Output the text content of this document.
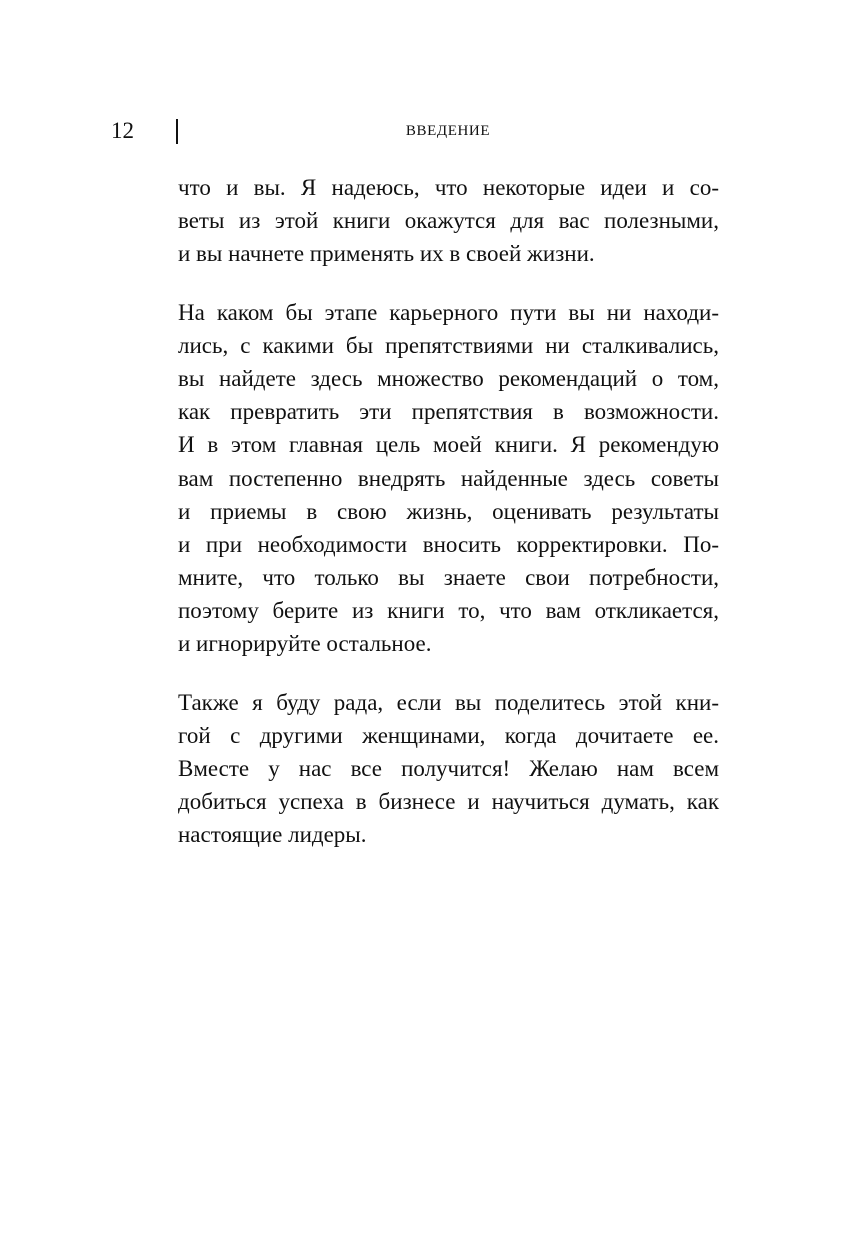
12	ВВЕДЕНИЕ
что и вы. Я надеюсь, что некоторые идеи и со-
веты из этой книги окажутся для вас полезными,
и вы начнете применять их в своей жизни.
На каком бы этапе карьерного пути вы ни находи-
лись, с какими бы препятствиями ни сталкивались,
вы найдете здесь множество рекомендаций о том,
как превратить эти препятствия в возможности.
И в этом главная цель моей книги. Я рекомендую
вам постепенно внедрять найденные здесь советы
и приемы в свою жизнь, оценивать результаты
и при необходимости вносить корректировки. По-
мните, что только вы знаете свои потребности,
поэтому берите из книги то, что вам откликается,
и игнорируйте остальное.
Также я буду рада, если вы поделитесь этой кни-
гой с другими женщинами, когда дочитаете ее.
Вместе у нас все получится! Желаю нам всем
добиться успеха в бизнесе и научиться думать, как
настоящие лидеры.
